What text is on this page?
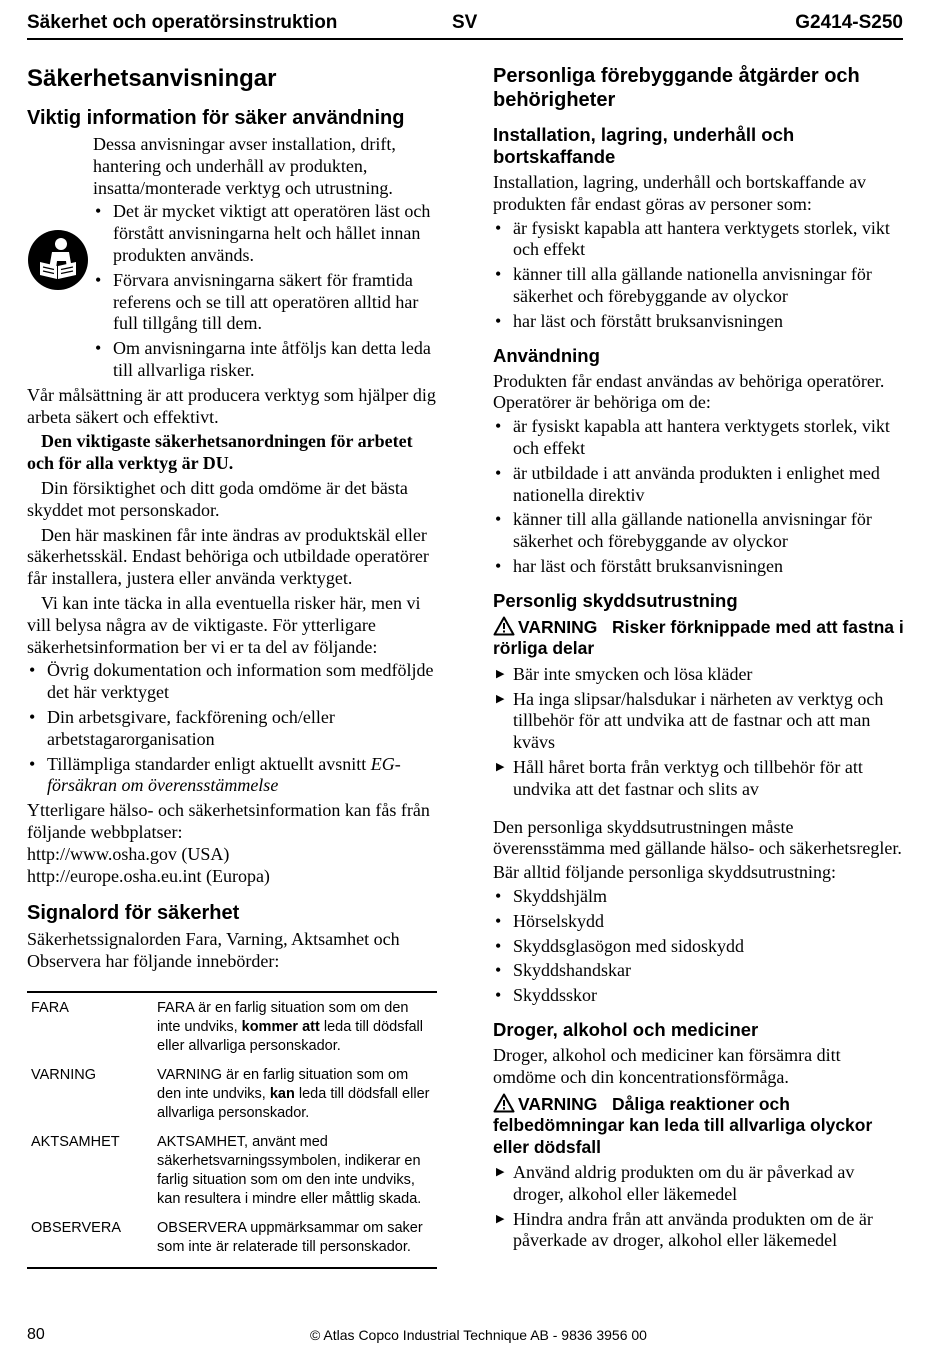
Säkerhet och operatörsinstruktion	SV	G2414-S250
Säkerhetsanvisningar
Viktig information för säker användning

Dessa anvisningar avser installation, drift, hantering och underhåll av produkten, insatta/monterade verktyg och utrustning.

• Det är mycket viktigt att operatören läst och förstått anvisningarna helt och hållet innan produkten används.
• Förvara anvisningarna säkert för framtida referens och se till att operatören alltid har full tillgång till dem.
• Om anvisningarna inte åtföljs kan detta leda till allvarliga risker.

Vår målsättning är att producera verktyg som hjälper dig arbeta säkert och effektivt.

Den viktigaste säkerhetsanordningen för arbetet och för alla verktyg är DU.

Din försiktighet och ditt goda omdöme är det bästa skyddet mot personskador.

Den här maskinen får inte ändras av produktskäl eller säkerhetsskäl. Endast behöriga och utbildade operatörer får installera, justera eller använda verktyget.

Vi kan inte täcka in alla eventuella risker här, men vi vill belysa några av de viktigaste. För ytterligare säkerhetsinformation ber vi er ta del av följande:

• Övrig dokumentation och information som medföljde det här verktyget
• Din arbetsgivare, fackförening och/eller arbetstagarorganisation
• Tillämpliga standarder enligt aktuellt avsnitt EG-försäkran om överensstämmelse

Ytterligare hälso- och säkerhetsinformation kan fås från följande webbplatser:

http://www.osha.gov (USA)

http://europe.osha.eu.int (Europa)

Signalord för säkerhet

Säkerhetssignalorden Fara, Varning, Aktsamhet och Observera har följande innebörder:

FARA	FARA är en farlig situation som om den inte undviks, kommer att leda till dödsfall eller allvarliga personskador.
VARNING	VARNING är en farlig situation som om den inte undviks, kan leda till dödsfall eller allvarliga personskador.
AKTSAMHET	AKTSAMHET, använt med säkerhetsvarningssymbolen, indikerar en farlig situation som om den inte undviks, kan resultera i mindre eller måttlig skada.
OBSERVERA	OBSERVERA uppmärksammar om saker som inte är relaterade till personskador.
Personliga förebyggande åtgärder och behörigheter
Installation, lagring, underhåll och bortskaffande

Installation, lagring, underhåll och bortskaffande av produkten får endast göras av personer som:

• är fysiskt kapabla att hantera verktygets storlek, vikt och effekt
• känner till alla gällande nationella anvisningar för säkerhet och förebyggande av olyckor
• har läst och förstått bruksanvisningen
Användning

Produkten får endast användas av behöriga operatörer. Operatörer är behöriga om de:

• är fysiskt kapabla att hantera verktygets storlek, vikt och effekt
• är utbildade i att använda produkten i enlighet med nationella direktiv
• känner till alla gällande nationella anvisningar för säkerhet och förebyggande av olyckor
• har läst och förstått bruksanvisningen
Personlig skyddsutrustning
VARNING Risker förknippade med att fastna i rörliga delar
▶ Bär inte smycken och lösa kläder
▶ Ha inga slipsar/halsdukar i närheten av verktyg och tillbehör för att undvika att de fastnar och att man kvävs
▶ Håll håret borta från verktyg och tillbehör för att undvika att det fastnar och slits av

Den personliga skyddsutrustningen måste överensstämma med gällande hälso- och säkerhetsregler.

Bär alltid följande personliga skyddsutrustning:

• Skyddshjälm
• Hörselskydd
• Skyddsglasögon med sidoskydd
• Skyddshandskar
• Skyddsskor
Droger, alkohol och mediciner

Droger, alkohol och mediciner kan försämra ditt omdöme och din koncentrationsförmåga.

VARNING Dåliga reaktioner och felbedömningar kan leda till allvarliga olyckor eller dödsfall
▶ Använd aldrig produkten om du är påverkad av droger, alkohol eller läkemedel
▶ Hindra andra från att använda produkten om de är påverkade av droger, alkohol eller läkemedel
80	© Atlas Copco Industrial Technique AB - 9836 3956 00
